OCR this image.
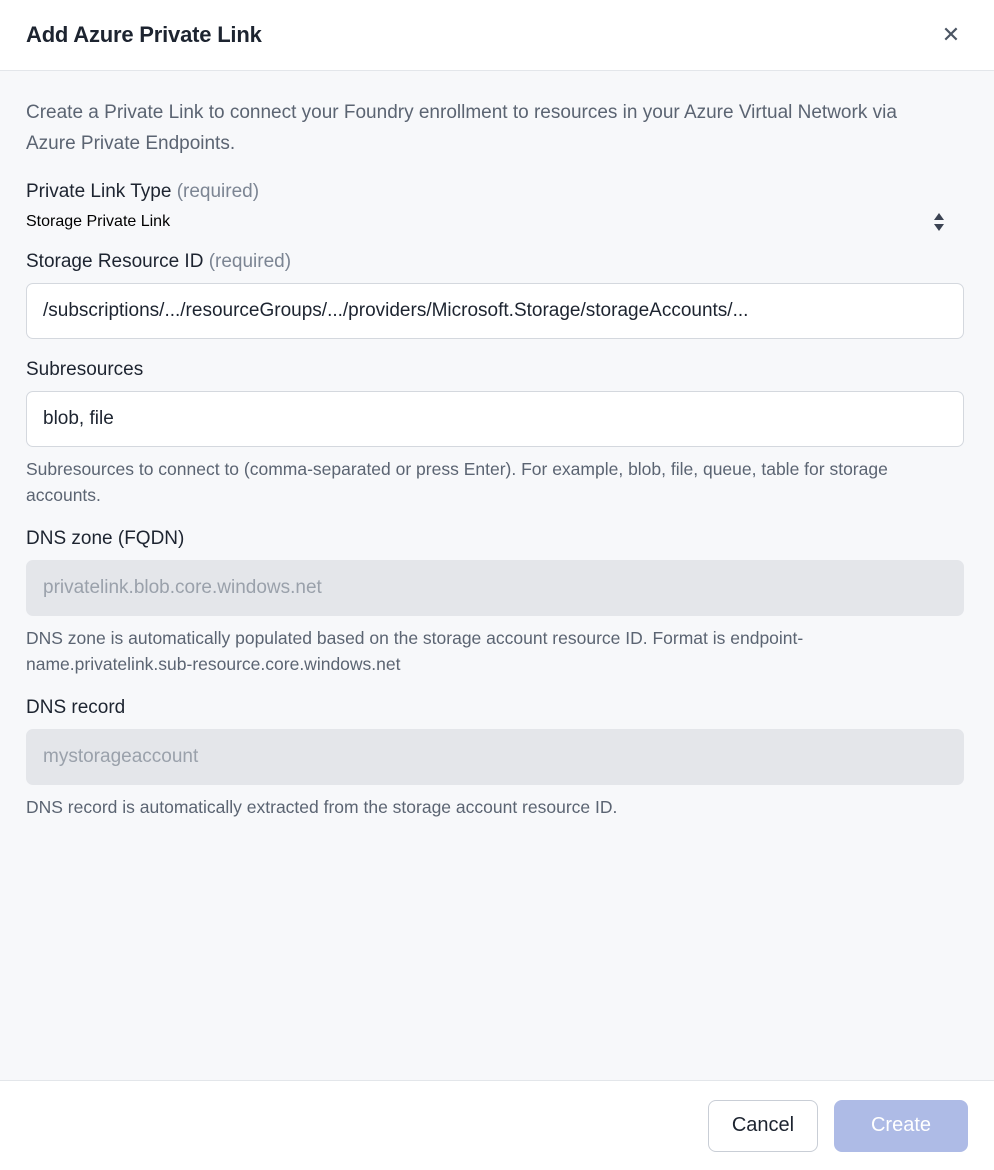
Add Azure Private Link	✕

Create a Private Link to connect your Foundry enrollment to resources in your Azure Virtual Network via Azure Private Endpoints.

Private Link Type (required)
Storage Private Link
Storage Resource ID (required)
/subscriptions/.../resourceGroups/.../providers/Microsoft.Storage/storageAccounts/...
Subresources
blob, file
Subresources to connect to (comma-separated or press Enter). For example, blob, file, queue, table for storage accounts.
DNS zone (FQDN)
privatelink.blob.core.windows.net
DNS zone is automatically populated based on the storage account resource ID. Format is endpoint-name.privatelink.sub-resource.core.windows.net
DNS record
mystorageaccount
DNS record is automatically extracted from the storage account resource ID.
Cancel	Create
